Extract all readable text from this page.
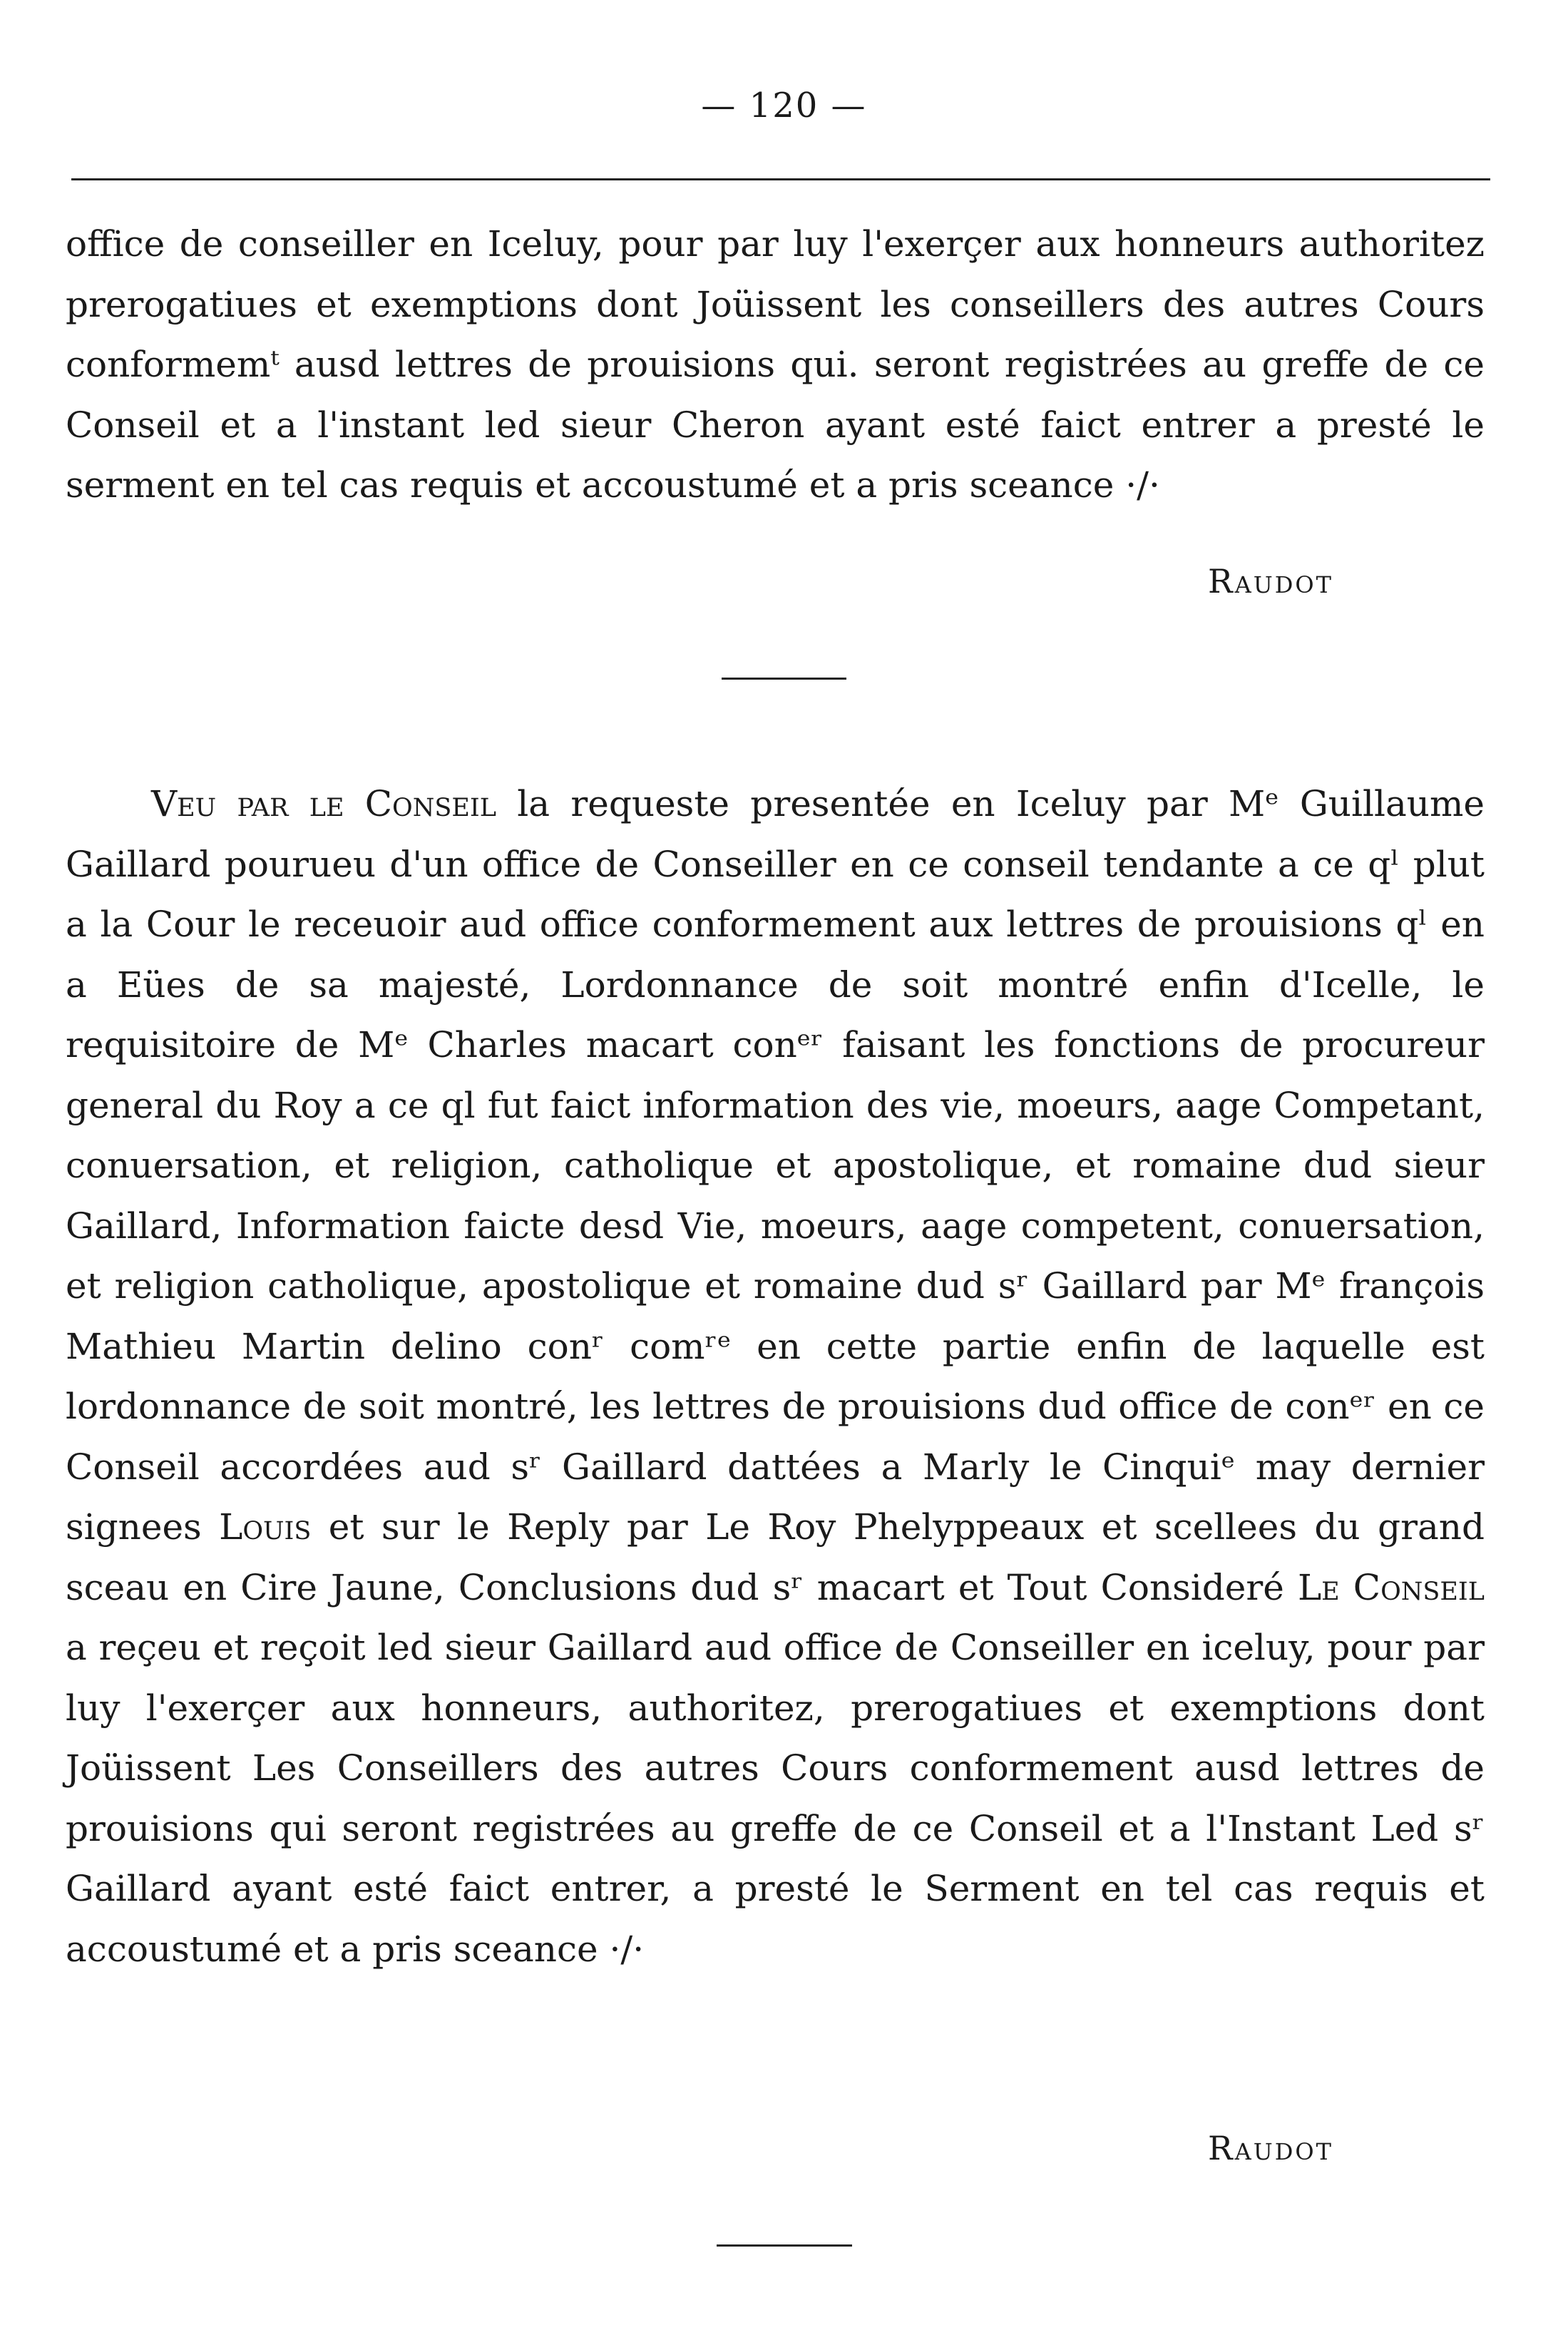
— 120 —

office de conseiller en Iceluy, pour par luy l'exerçer aux honneurs authoritez prerogatiues et exemptions dont Joüissent les conseillers des autres Cours conformemᵗ ausd lettres de prouisions qui. seront registrées au greffe de ce Conseil et a l'instant led sieur Cheron ayant esté faict entrer a presté le serment en tel cas requis et accoustumé et a pris sceance ·/·

Raudot

Veu par le Conseil la requeste presentée en Iceluy par Mᵉ Guillaume Gaillard pourueu d'un office de Conseiller en ce conseil tendante a ce qˡ plut a la Cour le receuoir aud office conformement aux lettres de prouisions qˡ en a Eües de sa majesté, Lordonnance de soit montré enfin d'Icelle, le requisitoire de Mᵉ Charles macart conᵉʳ faisant les fonctions de procureur general du Roy a ce ql fut faict information des vie, moeurs, aage Competant, conuersation, et religion, catholique et apostolique, et romaine dud sieur Gaillard, Information faicte desd Vie, moeurs, aage competent, conuersation, et religion catholique, apostolique et romaine dud sʳ Gaillard par Mᵉ françois Mathieu Martin delino conʳ comʳᵉ en cette partie enfin de laquelle est lordonnance de soit montré, les lettres de prouisions dud office de conᵉʳ en ce Conseil accordées aud sʳ Gaillard dattées a Marly le Cinquiᵉ may dernier signees Louis et sur le Reply par Le Roy Phelyppeaux et scellees du grand sceau en Cire Jaune, Conclusions dud sʳ macart et Tout Consideré Le Conseil a reçeu et reçoit led sieur Gaillard aud office de Conseiller en iceluy, pour par luy l'exerçer aux honneurs, authoritez, prerogatiues et exemptions dont Joüissent Les Conseillers des autres Cours conformement ausd lettres de prouisions qui seront registrées au greffe de ce Conseil et a l'Instant Led sʳ Gaillard ayant esté faict entrer, a presté le Serment en tel cas requis et accoustumé et a pris sceance ·/·

Raudot
